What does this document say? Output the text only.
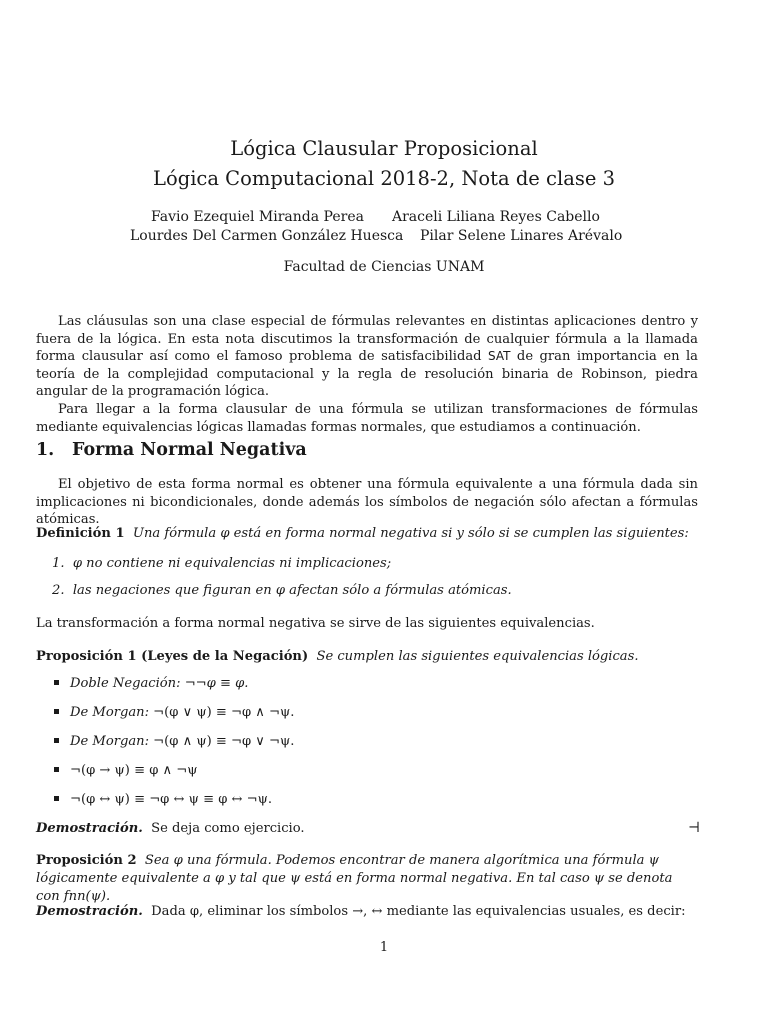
Lógica Clausular Proposicional
Lógica Computacional 2018-2, Nota de clase 3
Favio Ezequiel Miranda Perea Araceli Liliana Reyes Cabello
Lourdes Del Carmen González Huesca Pilar Selene Linares Arévalo
Facultad de Ciencias UNAM

Las cláusulas son una clase especial de fórmulas relevantes en distintas aplicaciones dentro y fuera de la lógica. En esta nota discutimos la transformación de cualquier fórmula a la llamada forma clausular así como el famoso problema de satisfacibilidad SAT de gran importancia en la teoría de la complejidad computacional y la regla de resolución binaria de Robinson, piedra angular de la programación lógica.

Para llegar a la forma clausular de una fórmula se utilizan transformaciones de fórmulas mediante equivalencias lógicas llamadas formas normales, que estudiamos a continuación.

1. Forma Normal Negativa
El objetivo de esta forma normal es obtener una fórmula equivalente a una fórmula dada sin implicaciones ni bicondicionales, donde además los símbolos de negación sólo afectan a fórmulas atómicas.
Definición 1 Una fórmula φ está en forma normal negativa si y sólo si se cumplen las siguientes:
1. φ no contiene ni equivalencias ni implicaciones;
2. las negaciones que figuran en φ afectan sólo a fórmulas atómicas.
La transformación a forma normal negativa se sirve de las siguientes equivalencias.
Proposición 1 (Leyes de la Negación) Se cumplen las siguientes equivalencias lógicas.
Doble Negación: ¬¬φ ≡ φ.
De Morgan: ¬(φ ∨ ψ) ≡ ¬φ ∧ ¬ψ.
De Morgan: ¬(φ ∧ ψ) ≡ ¬φ ∨ ¬ψ.
¬(φ → ψ) ≡ φ ∧ ¬ψ
¬(φ ↔ ψ) ≡ ¬φ ↔ ψ ≡ φ ↔ ¬ψ.
Demostración. Se deja como ejercicio.	⊣
Proposición 2 Sea φ una fórmula. Podemos encontrar de manera algorítmica una fórmula ψ lógicamente equivalente a φ y tal que ψ está en forma normal negativa. En tal caso ψ se denota con fnn(ψ).
Demostración. Dada φ, eliminar los símbolos →, ↔ mediante las equivalencias usuales, es decir:
1
